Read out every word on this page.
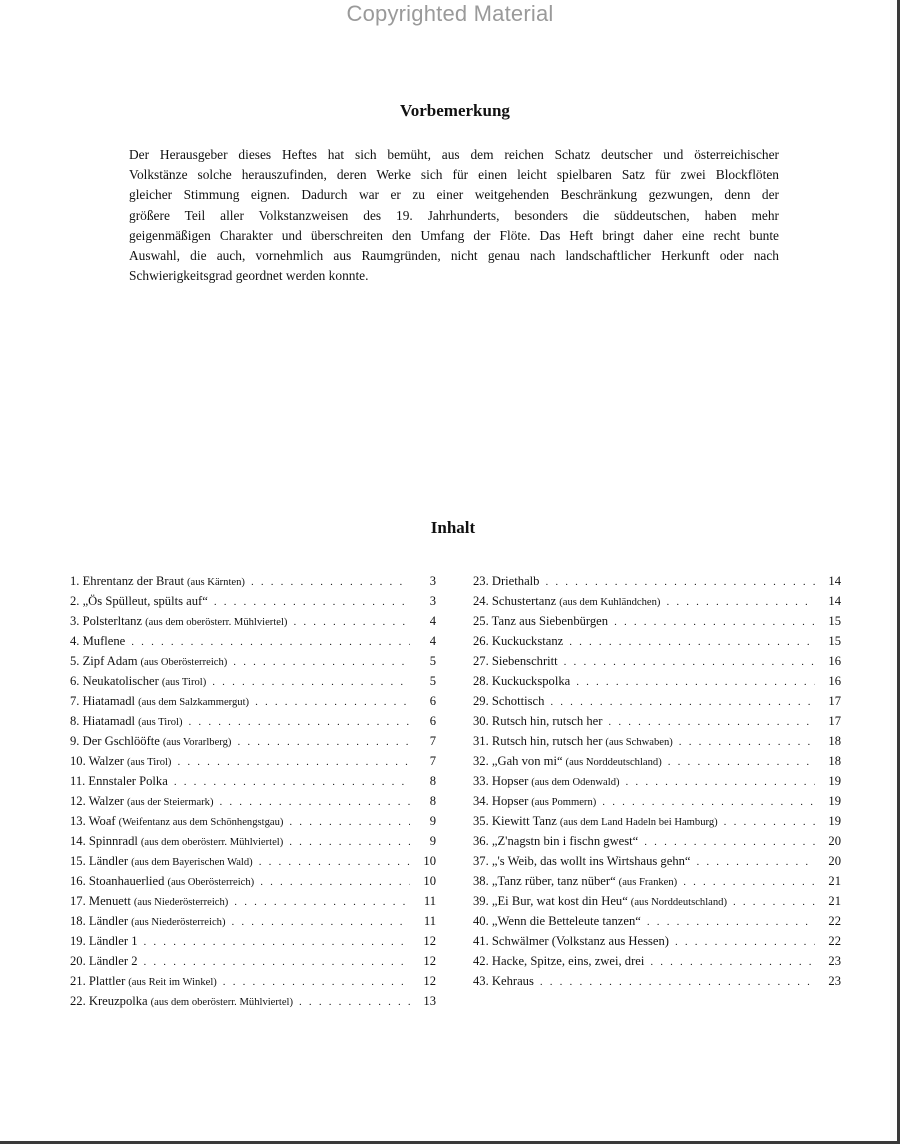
Copyrighted Material
Vorbemerkung
Der Herausgeber dieses Heftes hat sich bemüht, aus dem reichen Schatz deutscher und österreichischer
Volkstänze solche herauszufinden, deren Werke sich für einen leicht spielbaren Satz für zwei Blockflöten
gleicher Stimmung eignen. Dadurch war er zu einer weitgehenden Beschränkung gezwungen, denn der
größere Teil aller Volkstanzweisen des 19. Jahrhunderts, besonders die süddeutschen, haben mehr
geigenmäßigen Charakter und überschreiten den Umfang der Flöte. Das Heft bringt daher eine recht bunte
Auswahl, die auch, vornehmlich aus Raumgründen, nicht genau nach landschaftlicher Herkunft oder nach
Schwierigkeitsgrad geordnet werden konnte.
Inhalt
1. Ehrentanz der Braut (aus Kärnten) . . .	3
2. „Ös Spülleut, spülts auf“ . . .	3
3. Polsterltanz (aus dem oberösterr. Mühlviertel) . . .	4
4. Muflene . . .	4
5. Zipf Adam (aus Oberösterreich) . . .	5
6. Neukatolischer (aus Tirol) . . .	5
7. Hiatamadl (aus dem Salzkammergut) . . .	6
8. Hiatamadl (aus Tirol) . . .	6
9. Der Gschlööfte (aus Vorarlberg) . . .	7
10. Walzer (aus Tirol) . . .	7
11. Ennstaler Polka . . .	8
12. Walzer (aus der Steiermark) . . .	8
13. Woaf (Weifentanz aus dem Schönhengstgau) . . .	9
14. Spinnradl (aus dem oberösterr. Mühlviertel) . . .	9
15. Ländler (aus dem Bayerischen Wald) . . .	10
16. Stoanhauerlied (aus Oberösterreich) . . .	10
17. Menuett (aus Niederösterreich) . . .	11
18. Ländler (aus Niederösterreich) . . .	11
19. Ländler 1 . . .	12
20. Ländler 2 . . .	12
21. Plattler (aus Reit im Winkel) . . .	12
22. Kreuzpolka (aus dem oberösterr. Mühlviertel) . . .	13
23. Driethalb . . .	14
24. Schustertanz (aus dem Kuhländchen) . . .	14
25. Tanz aus Siebenbürgen . . .	15
26. Kuckuckstanz . . .	15
27. Siebenschritt . . .	16
28. Kuckuckspolka . . .	16
29. Schottisch . . .	17
30. Rutsch hin, rutsch her . . .	17
31. Rutsch hin, rutsch her (aus Schwaben) . . .	18
32. „Gah von mi“ (aus Norddeutschland) . . .	18
33. Hopser (aus dem Odenwald) . . .	19
34. Hopser (aus Pommern) . . .	19
35. Kiewitt Tanz (aus dem Land Hadeln bei Hamburg) . . .	19
36. „Z'nagstn bin i fischn gwest“ . . .	20
37. „'s Weib, das wollt ins Wirtshaus gehn“ . . .	20
38. „Tanz rüber, tanz nüber“ (aus Franken) . . .	21
39. „Ei Bur, wat kost din Heu“ (aus Norddeutschland) . . .	21
40. „Wenn die Betteleute tanzen“ . . .	22
41. Schwälmer (Volkstanz aus Hessen) . . .	22
42. Hacke, Spitze, eins, zwei, drei . . .	23
43. Kehraus . . .	23
